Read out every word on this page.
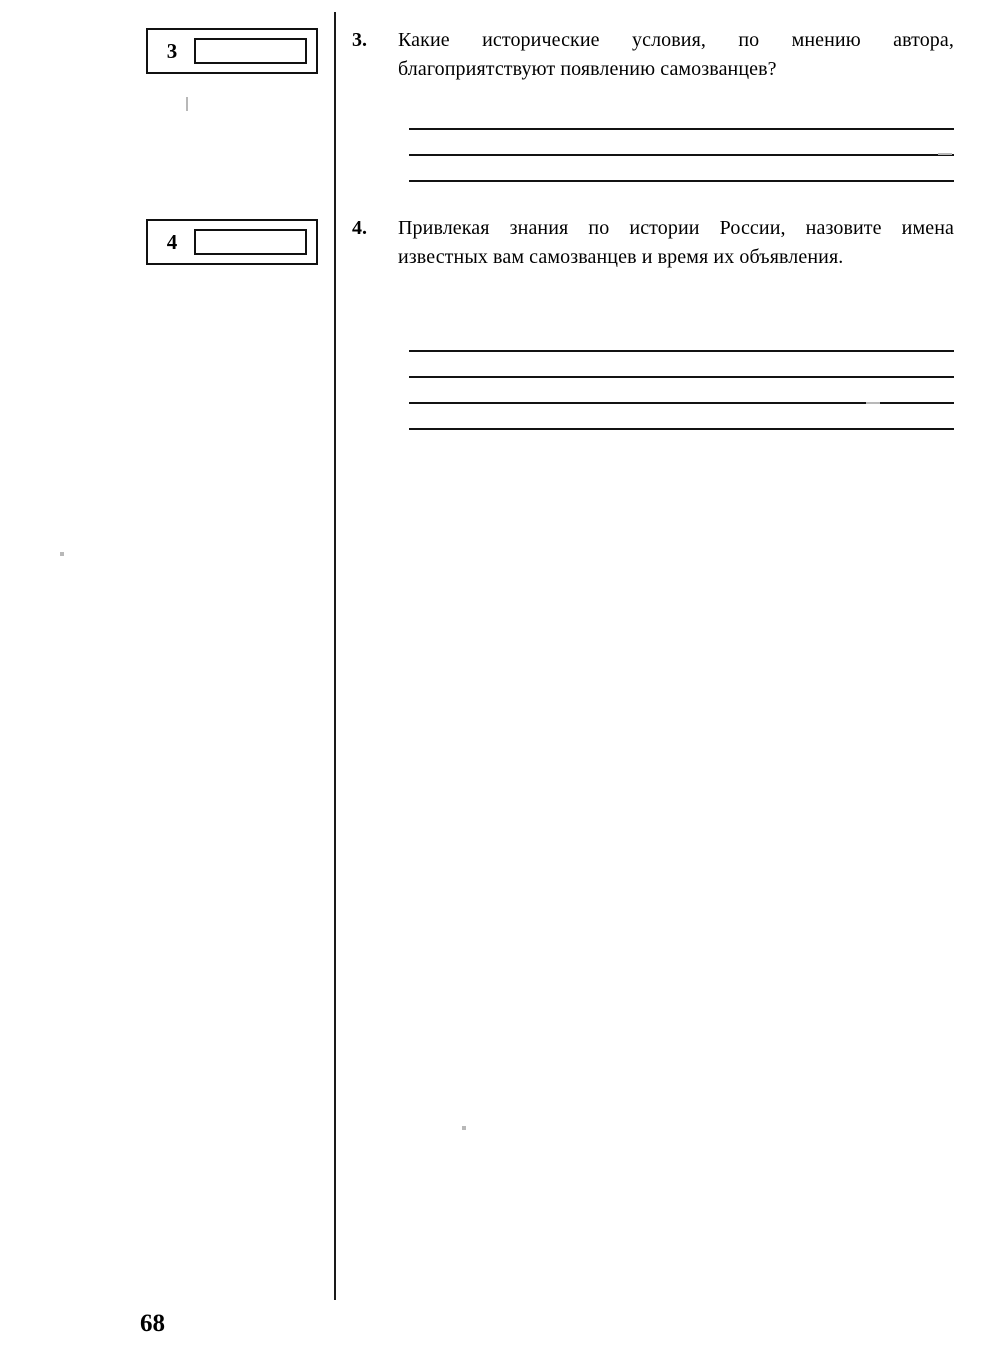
3
4
3.	Какие исторические условия, по мнению автора, благоприятствуют появлению самозванцев?
4.	Привлекая знания по истории России, назовите имена известных вам самозванцев и время их объявления.
68
